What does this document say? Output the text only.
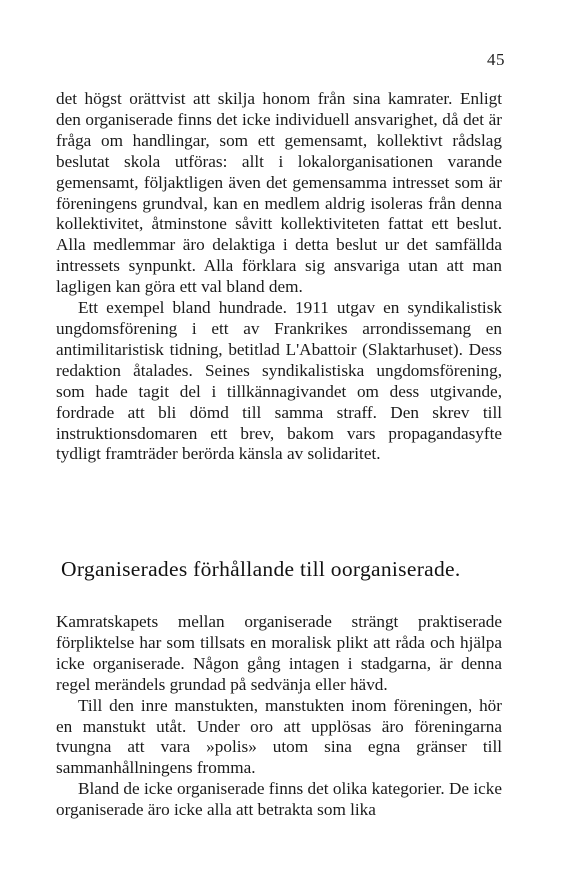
45

det högst orättvist att skilja honom från sina kamrater. Enligt den organiserade finns det icke individuell ansvarighet, då det är fråga om handlingar, som ett gemensamt, kollektivt rådslag beslutat skola utföras: allt i lokalorganisationen varande gemensamt, följaktligen även det gemensamma intresset som är föreningens grundval, kan en medlem aldrig isoleras från denna kollektivitet, åtminstone såvitt kollektiviteten fattat ett beslut. Alla medlemmar äro delaktiga i detta beslut ur det samfällda intressets synpunkt. Alla förklara sig ansvariga utan att man lagligen kan göra ett val bland dem.

Ett exempel bland hundrade. 1911 utgav en syndikalistisk ungdomsförening i ett av Frankrikes arrondissemang en antimilitaristisk tidning, betitlad L'Abattoir (Slaktarhuset). Dess redaktion åtalades. Seines syndikalistiska ungdomsförening, som hade tagit del i tillkännagivandet om dess utgivande, fordrade att bli dömd till samma straff. Den skrev till instruktionsdomaren ett brev, bakom vars propagandasyfte tydligt framträder berörda känsla av solidaritet.

Organiserades förhållande till oorganiserade.

Kamratskapets mellan organiserade strängt praktiserade förpliktelse har som tillsats en moralisk plikt att råda och hjälpa icke organiserade. Någon gång intagen i stadgarna, är denna regel merändels grundad på sedvänja eller hävd.

Till den inre manstukten, manstukten inom föreningen, hör en manstukt utåt. Under oro att upplösas äro föreningarna tvungna att vara »polis» utom sina egna gränser till sammanhållningens fromma.

Bland de icke organiserade finns det olika kategorier. De icke organiserade äro icke alla att betrakta som lika
